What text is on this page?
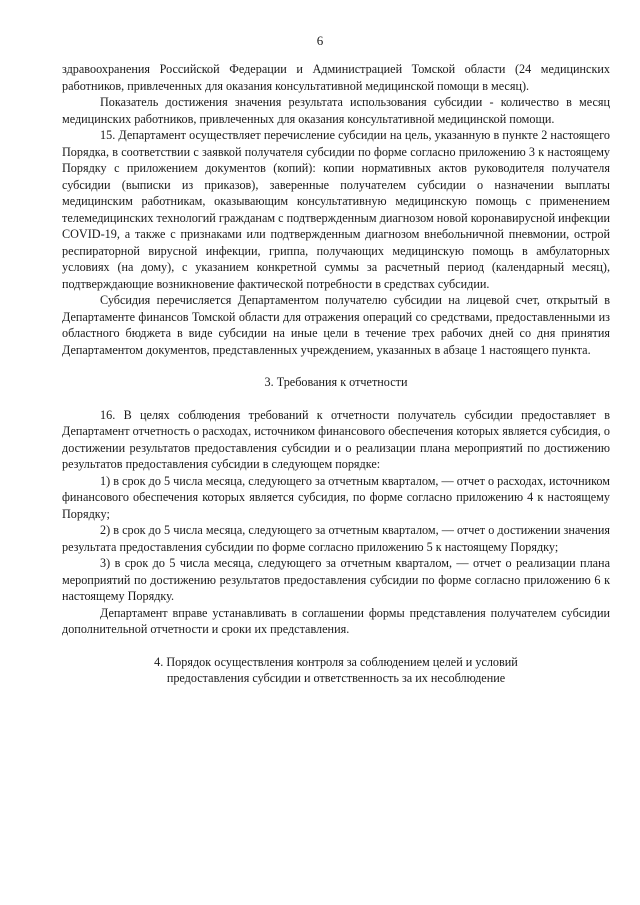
6

здравоохранения Российской Федерации и Администрацией Томской области (24 медицинских работников, привлеченных для оказания консультативной медицинской помощи в месяц).

Показатель достижения значения результата использования субсидии - количество в месяц медицинских работников, привлеченных для оказания консультативной медицинской помощи.

15. Департамент осуществляет перечисление субсидии на цель, указанную в пункте 2 настоящего Порядка, в соответствии с заявкой получателя субсидии по форме согласно приложению 3 к настоящему Порядку с приложением документов (копий): копии нормативных актов руководителя получателя субсидии (выписки из приказов), заверенные получателем субсидии о назначении выплаты медицинским работникам, оказывающим консультативную медицинскую помощь с применением телемедицинских технологий гражданам с подтвержденным диагнозом новой коронавирусной инфекции COVID-19, а также с признаками или подтвержденным диагнозом внебольничной пневмонии, острой респираторной вирусной инфекции, гриппа, получающих медицинскую помощь в амбулаторных условиях (на дому), с указанием конкретной суммы за расчетный период (календарный месяц), подтверждающие возникновение фактической потребности в средствах субсидии.

Субсидия перечисляется Департаментом получателю субсидии на лицевой счет, открытый в Департаменте финансов Томской области для отражения операций со средствами, предоставленными из областного бюджета в виде субсидии на иные цели в течение трех рабочих дней со дня принятия Департаментом документов, представленных учреждением, указанных в абзаце 1 настоящего пункта.

3. Требования к отчетности

16. В целях соблюдения требований к отчетности получатель субсидии предоставляет в Департамент отчетность о расходах, источником финансового обеспечения которых является субсидия, о достижении результатов предоставления субсидии и о реализации плана мероприятий по достижению результатов предоставления субсидии в следующем порядке:

1) в срок до 5 числа месяца, следующего за отчетным кварталом, — отчет о расходах, источником финансового обеспечения которых является субсидия, по форме согласно приложению 4 к настоящему Порядку;

2) в срок до 5 числа месяца, следующего за отчетным кварталом, — отчет о достижении значения результата предоставления субсидии по форме согласно приложению 5 к настоящему Порядку;

3) в срок до 5 числа месяца, следующего за отчетным кварталом, — отчет о реализации плана мероприятий по достижению результатов предоставления субсидии по форме согласно приложению 6 к настоящему Порядку.

Департамент вправе устанавливать в соглашении формы представления получателем субсидии дополнительной отчетности и сроки их представления.

4. Порядок осуществления контроля за соблюдением целей и условий
предоставления субсидии и ответственность за их несоблюдение
